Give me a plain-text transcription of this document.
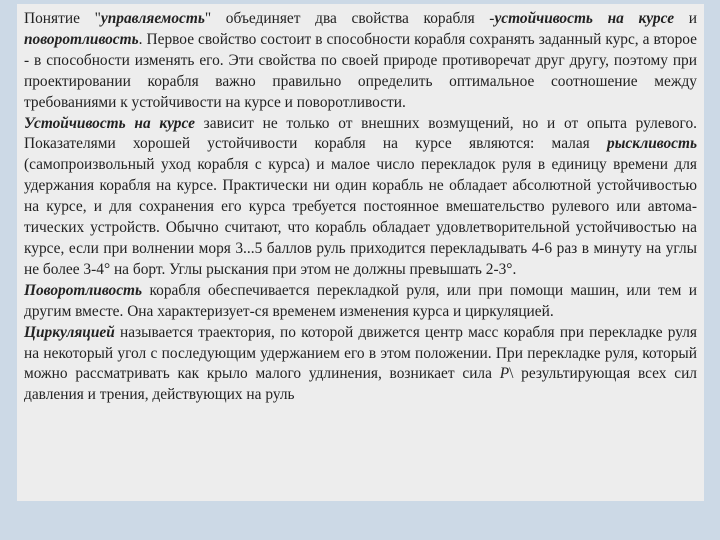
Понятие "управляемость" объединяет два свойства корабля -устойчивость на курсе и поворотливость. Первое свойство состоит в способности корабля сохранять заданный курс, а второе - в способности изменять его. Эти свойства по своей природе противоречат друг другу, поэтому при проектировании корабля важно правильно определить оптимальное соотношение между требованиями к устойчивости на курсе и поворотливости.

Устойчивость на курсе зависит не только от внешних возмущений, но и от опыта рулевого. Показателями хорошей устойчивости корабля на курсе являются: малая рыскливость (самопроизвольный уход корабля с курса) и малое число перекладок руля в единицу времени для удержания корабля на курсе. Практически ни один корабль не обладает абсолютной устойчивостью на курсе, и для сохранения его курса требуется постоянное вмешательство рулевого или автома-тических устройств. Обычно считают, что корабль обладает удовлетворительной устойчивостью на курсе, если при волнении моря 3...5 баллов руль приходится перекладывать 4-6 раз в минуту на углы не более 3-4° на борт. Углы рыскания при этом не должны превышать 2-3°.

Поворотливость корабля обеспечивается перекладкой руля, или при помощи машин, или тем и другим вместе. Она характеризует-ся временем изменения курса и циркуляцией.

Циркуляцией называется траектория, по которой движется центр масс корабля при перекладке руля на некоторый угол с последующим удержанием его в этом положении. При перекладке руля, который можно рассматривать как крыло малого удлинения, возникает сила P\ результирующая всех сил давления и трения, действующих на руль
